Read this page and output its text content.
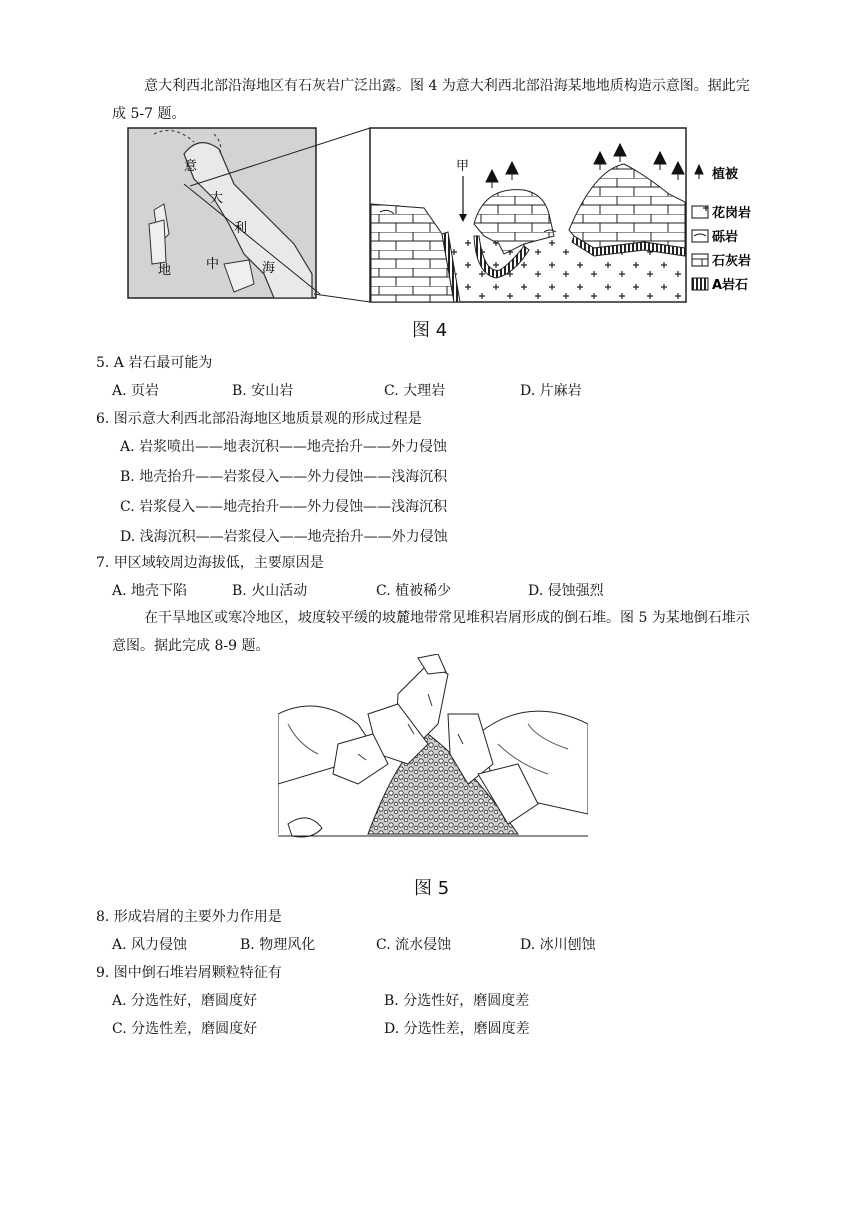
意大利西北部沿海地区有石灰岩广泛出露。图 4 为意大利西北部沿海某地地质构造示意图。据此完成 5-7 题。
意
大
利
地	中	海
甲
植被
花岗岩
砾岩
石灰岩
A岩石
图 4
5. A 岩石最可能为
A. 页岩	B. 安山岩	C. 大理岩	D. 片麻岩
6. 图示意大利西北部沿海地区地质景观的形成过程是
A. 岩浆喷出——地表沉积——地壳抬升——外力侵蚀
B. 地壳抬升——岩浆侵入——外力侵蚀——浅海沉积
C. 岩浆侵入——地壳抬升——外力侵蚀——浅海沉积
D. 浅海沉积——岩浆侵入——地壳抬升——外力侵蚀
7. 甲区域较周边海拔低，主要原因是
A. 地壳下陷	B. 火山活动	C. 植被稀少	D. 侵蚀强烈
在干旱地区或寒冷地区，坡度较平缓的坡麓地带常见堆积岩屑形成的倒石堆。图 5 为某地倒石堆示意图。据此完成 8-9 题。
图 5
8. 形成岩屑的主要外力作用是
A. 风力侵蚀	B. 物理风化	C. 流水侵蚀	D. 冰川刨蚀
9. 图中倒石堆岩屑颗粒特征有
A. 分选性好，磨圆度好	B. 分选性好，磨圆度差
C. 分选性差，磨圆度好	D. 分选性差，磨圆度差
